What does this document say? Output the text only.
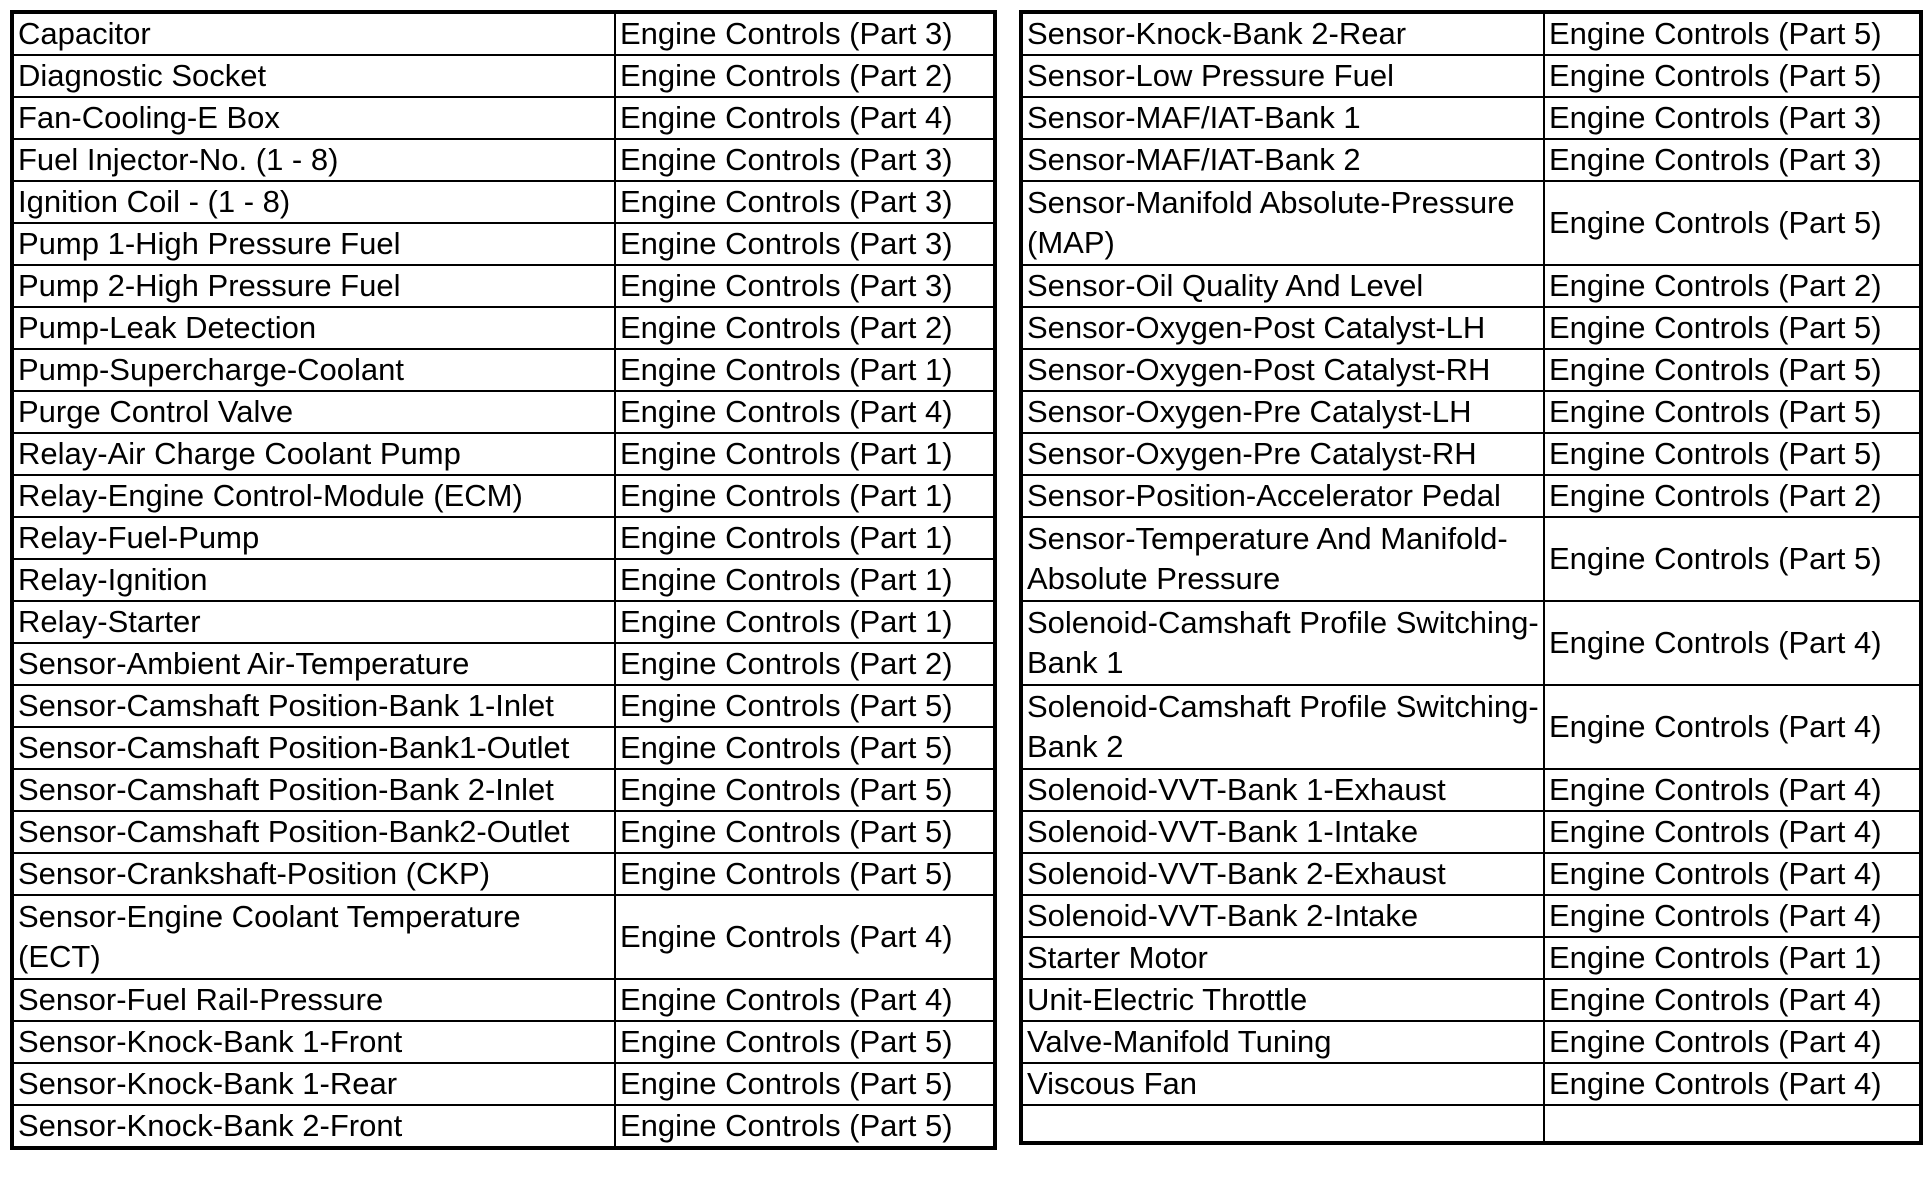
Capacitor	Engine Controls (Part 3)
Diagnostic Socket	Engine Controls (Part 2)
Fan-Cooling-E Box	Engine Controls (Part 4)
Fuel Injector-No. (1 - 8)	Engine Controls (Part 3)
Ignition Coil - (1 - 8)	Engine Controls (Part 3)
Pump 1-High Pressure Fuel	Engine Controls (Part 3)
Pump 2-High Pressure Fuel	Engine Controls (Part 3)
Pump-Leak Detection	Engine Controls (Part 2)
Pump-Supercharge-Coolant	Engine Controls (Part 1)
Purge Control Valve	Engine Controls (Part 4)
Relay-Air Charge Coolant Pump	Engine Controls (Part 1)
Relay-Engine Control-Module (ECM)	Engine Controls (Part 1)
Relay-Fuel-Pump	Engine Controls (Part 1)
Relay-Ignition	Engine Controls (Part 1)
Relay-Starter	Engine Controls (Part 1)
Sensor-Ambient Air-Temperature	Engine Controls (Part 2)
Sensor-Camshaft Position-Bank 1-Inlet	Engine Controls (Part 5)
Sensor-Camshaft Position-Bank1-Outlet	Engine Controls (Part 5)
Sensor-Camshaft Position-Bank 2-Inlet	Engine Controls (Part 5)
Sensor-Camshaft Position-Bank2-Outlet	Engine Controls (Part 5)
Sensor-Crankshaft-Position (CKP)	Engine Controls (Part 5)
Sensor-Engine Coolant Temperature (ECT)	Engine Controls (Part 4)
Sensor-Fuel Rail-Pressure	Engine Controls (Part 4)
Sensor-Knock-Bank 1-Front	Engine Controls (Part 5)
Sensor-Knock-Bank 1-Rear	Engine Controls (Part 5)
Sensor-Knock-Bank 2-Front	Engine Controls (Part 5)
Sensor-Knock-Bank 2-Rear	Engine Controls (Part 5)
Sensor-Low Pressure Fuel	Engine Controls (Part 5)
Sensor-MAF/IAT-Bank 1	Engine Controls (Part 3)
Sensor-MAF/IAT-Bank 2	Engine Controls (Part 3)
Sensor-Manifold Absolute-Pressure (MAP)	Engine Controls (Part 5)
Sensor-Oil Quality And Level	Engine Controls (Part 2)
Sensor-Oxygen-Post Catalyst-LH	Engine Controls (Part 5)
Sensor-Oxygen-Post Catalyst-RH	Engine Controls (Part 5)
Sensor-Oxygen-Pre Catalyst-LH	Engine Controls (Part 5)
Sensor-Oxygen-Pre Catalyst-RH	Engine Controls (Part 5)
Sensor-Position-Accelerator Pedal	Engine Controls (Part 2)
Sensor-Temperature And Manifold-Absolute Pressure	Engine Controls (Part 5)
Solenoid-Camshaft Profile Switching-Bank 1	Engine Controls (Part 4)
Solenoid-Camshaft Profile Switching-Bank 2	Engine Controls (Part 4)
Solenoid-VVT-Bank 1-Exhaust	Engine Controls (Part 4)
Solenoid-VVT-Bank 1-Intake	Engine Controls (Part 4)
Solenoid-VVT-Bank 2-Exhaust	Engine Controls (Part 4)
Solenoid-VVT-Bank 2-Intake	Engine Controls (Part 4)
Starter Motor	Engine Controls (Part 1)
Unit-Electric Throttle	Engine Controls (Part 4)
Valve-Manifold Tuning	Engine Controls (Part 4)
Viscous Fan	Engine Controls (Part 4)
